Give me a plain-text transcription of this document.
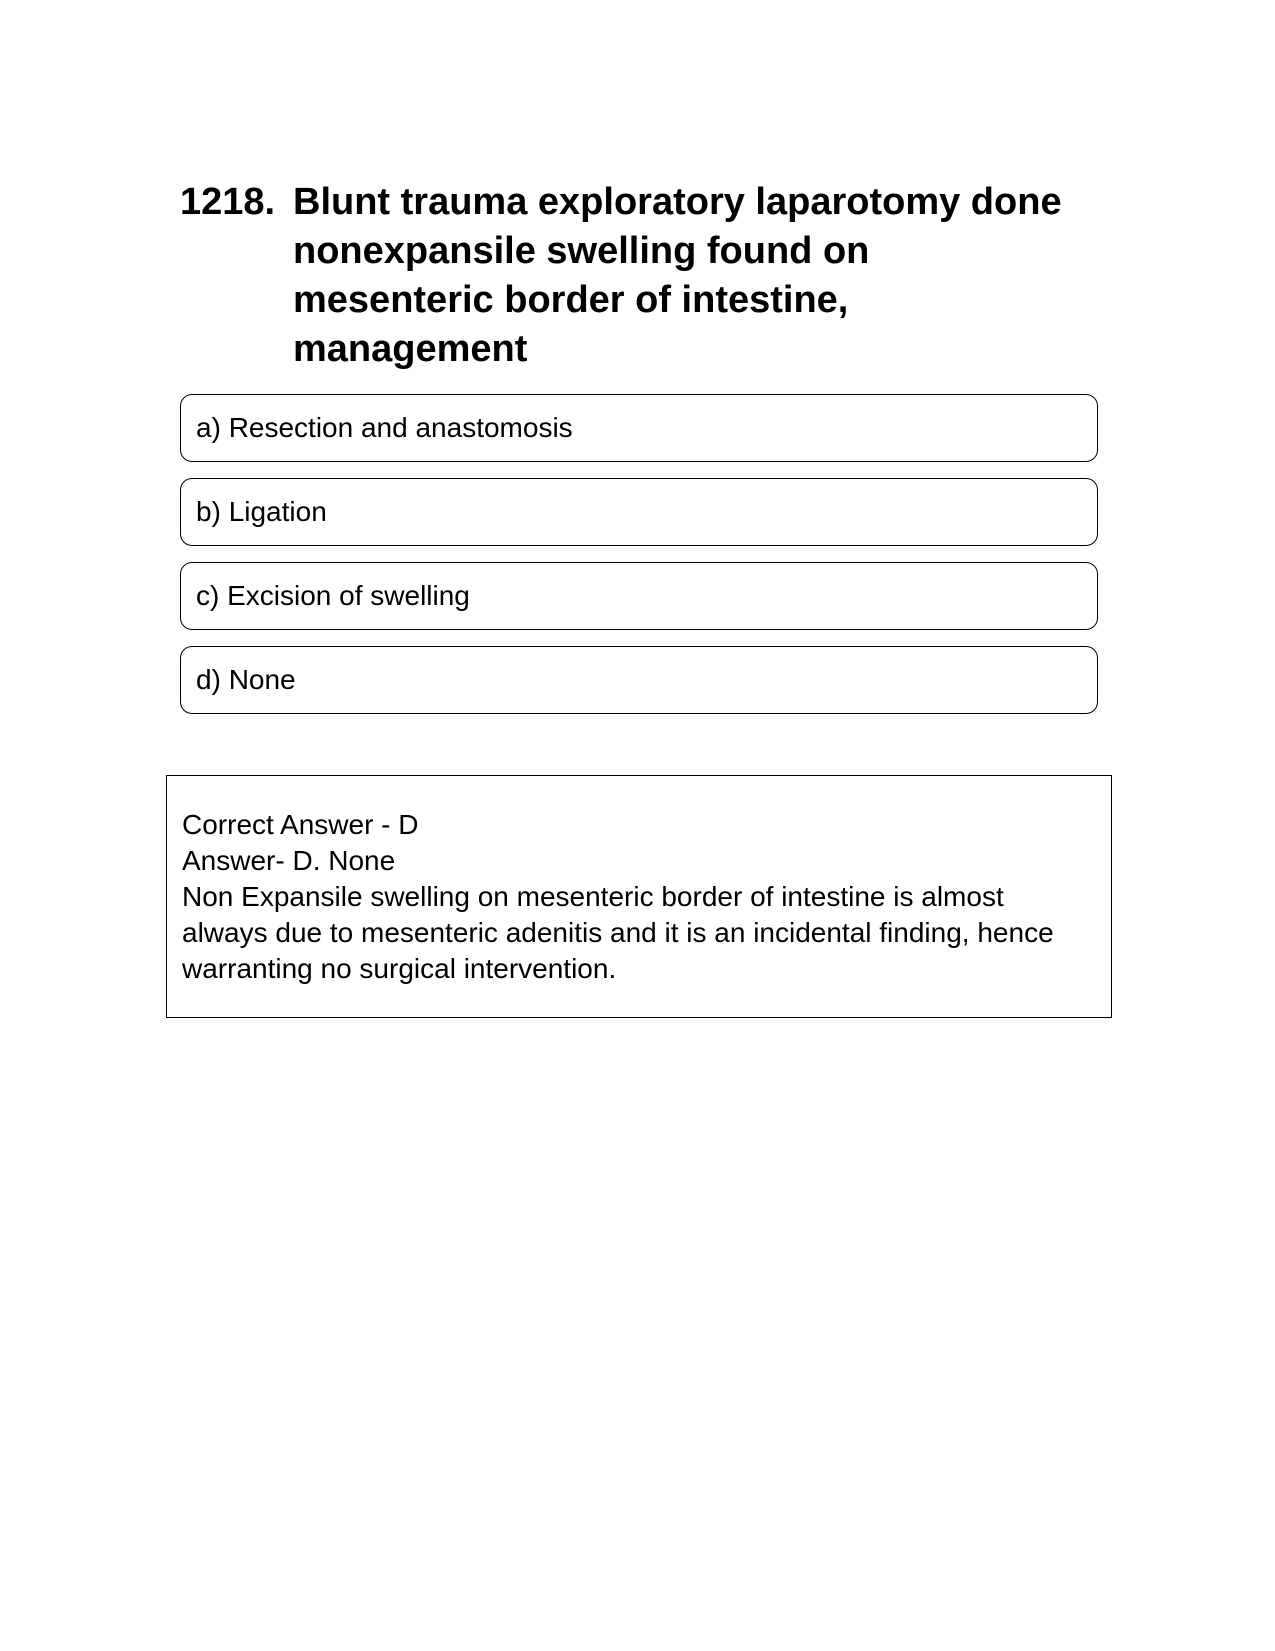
1218. Blunt trauma exploratory laparotomy done nonexpansile swelling found on mesenteric border of intestine, management
a ) Resection and anastomosis
b ) Ligation
c ) Excision of swelling
d ) None
Correct Answer - D
Answer- D. None
Non Expansile swelling on mesenteric border of intestine is almost always due to mesenteric adenitis and it is an incidental finding, hence warranting no surgical intervention.
